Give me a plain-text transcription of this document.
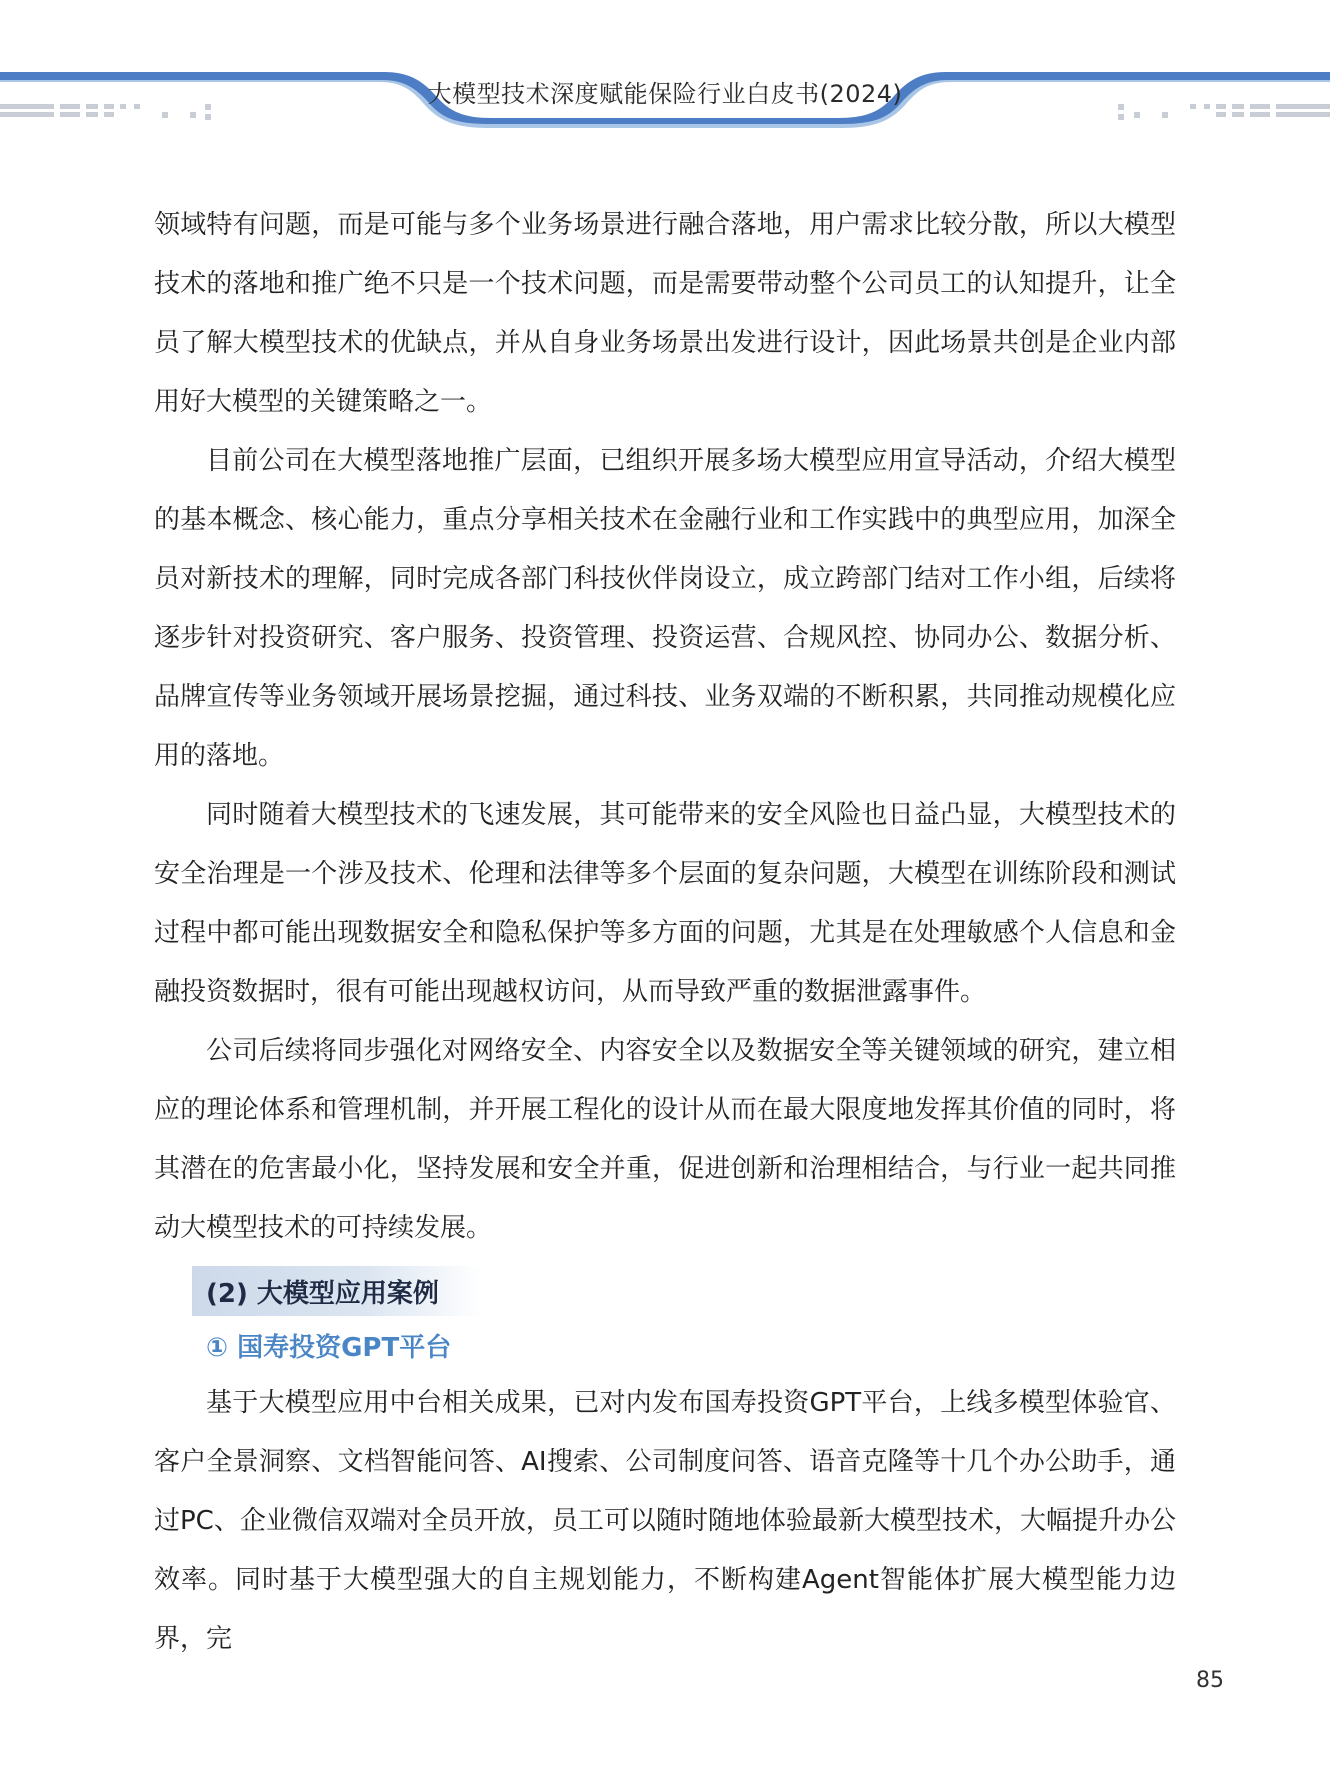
大模型技术深度赋能保险行业白皮书(2024)

领域特有问题，而是可能与多个业务场景进行融合落地，用户需求比较分散，所以大模型技术的落地和推广绝不只是一个技术问题，而是需要带动整个公司员工的认知提升，让全员了解大模型技术的优缺点，并从自身业务场景出发进行设计，因此场景共创是企业内部用好大模型的关键策略之一。

目前公司在大模型落地推广层面，已组织开展多场大模型应用宣导活动，介绍大模型的基本概念、核心能力，重点分享相关技术在金融行业和工作实践中的典型应用，加深全员对新技术的理解，同时完成各部门科技伙伴岗设立，成立跨部门结对工作小组，后续将逐步针对投资研究、客户服务、投资管理、投资运营、合规风控、协同办公、数据分析、品牌宣传等业务领域开展场景挖掘，通过科技、业务双端的不断积累，共同推动规模化应用的落地。

同时随着大模型技术的飞速发展，其可能带来的安全风险也日益凸显，大模型技术的安全治理是一个涉及技术、伦理和法律等多个层面的复杂问题，大模型在训练阶段和测试过程中都可能出现数据安全和隐私保护等多方面的问题，尤其是在处理敏感个人信息和金融投资数据时，很有可能出现越权访问，从而导致严重的数据泄露事件。

公司后续将同步强化对网络安全、内容安全以及数据安全等关键领域的研究，建立相应的理论体系和管理机制，并开展工程化的设计从而在最大限度地发挥其价值的同时，将其潜在的危害最小化，坚持发展和安全并重，促进创新和治理相结合，与行业一起共同推动大模型技术的可持续发展。

(2) 大模型应用案例
① 国寿投资GPT平台

基于大模型应用中台相关成果，已对内发布国寿投资GPT平台，上线多模型体验官、客户全景洞察、文档智能问答、AI搜索、公司制度问答、语音克隆等十几个办公助手，通过PC、企业微信双端对全员开放，员工可以随时随地体验最新大模型技术，大幅提升办公效率。同时基于大模型强大的自主规划能力，不断构建Agent智能体扩展大模型能力边界，完

85
